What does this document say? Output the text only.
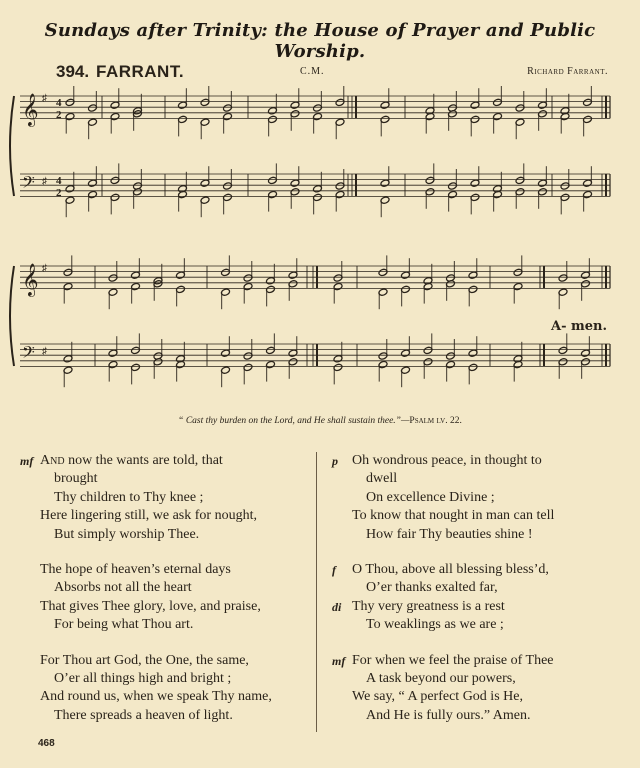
Sundays after Trinity: the House of Prayer and Public Worship.
394. FARRANT.	C.M.	Richard Farrant.
𝄞 ♯ 4
2
𝄢 ♯ 4
2
𝄞 ♯
𝄢 ♯
A- men.
“ Cast thy burden on the Lord, and He shall sustain thee.”—Psalm lv. 22.
mf And now the wants are told, that
brought
Thy children to Thy knee ;
Here lingering still, we ask for nought,
But simply worship Thee.
The hope of heaven’s eternal days
Absorbs not all the heart
That gives Thee glory, love, and praise,
For being what Thou art.
For Thou art God, the One, the same,
O’er all things high and bright ;
And round us, when we speak Thy name,
There spreads a heaven of light.
p Oh wondrous peace, in thought to
dwell
On excellence Divine ;
To know that nought in man can tell
How fair Thy beauties shine !
f O Thou, above all blessing bless’d,
O’er thanks exalted far,
di Thy very greatness is a rest
To weaklings as we are ;
mf For when we feel the praise of Thee
A task beyond our powers,
We say, “ A perfect God is He,
And He is fully ours.” Amen.
468
